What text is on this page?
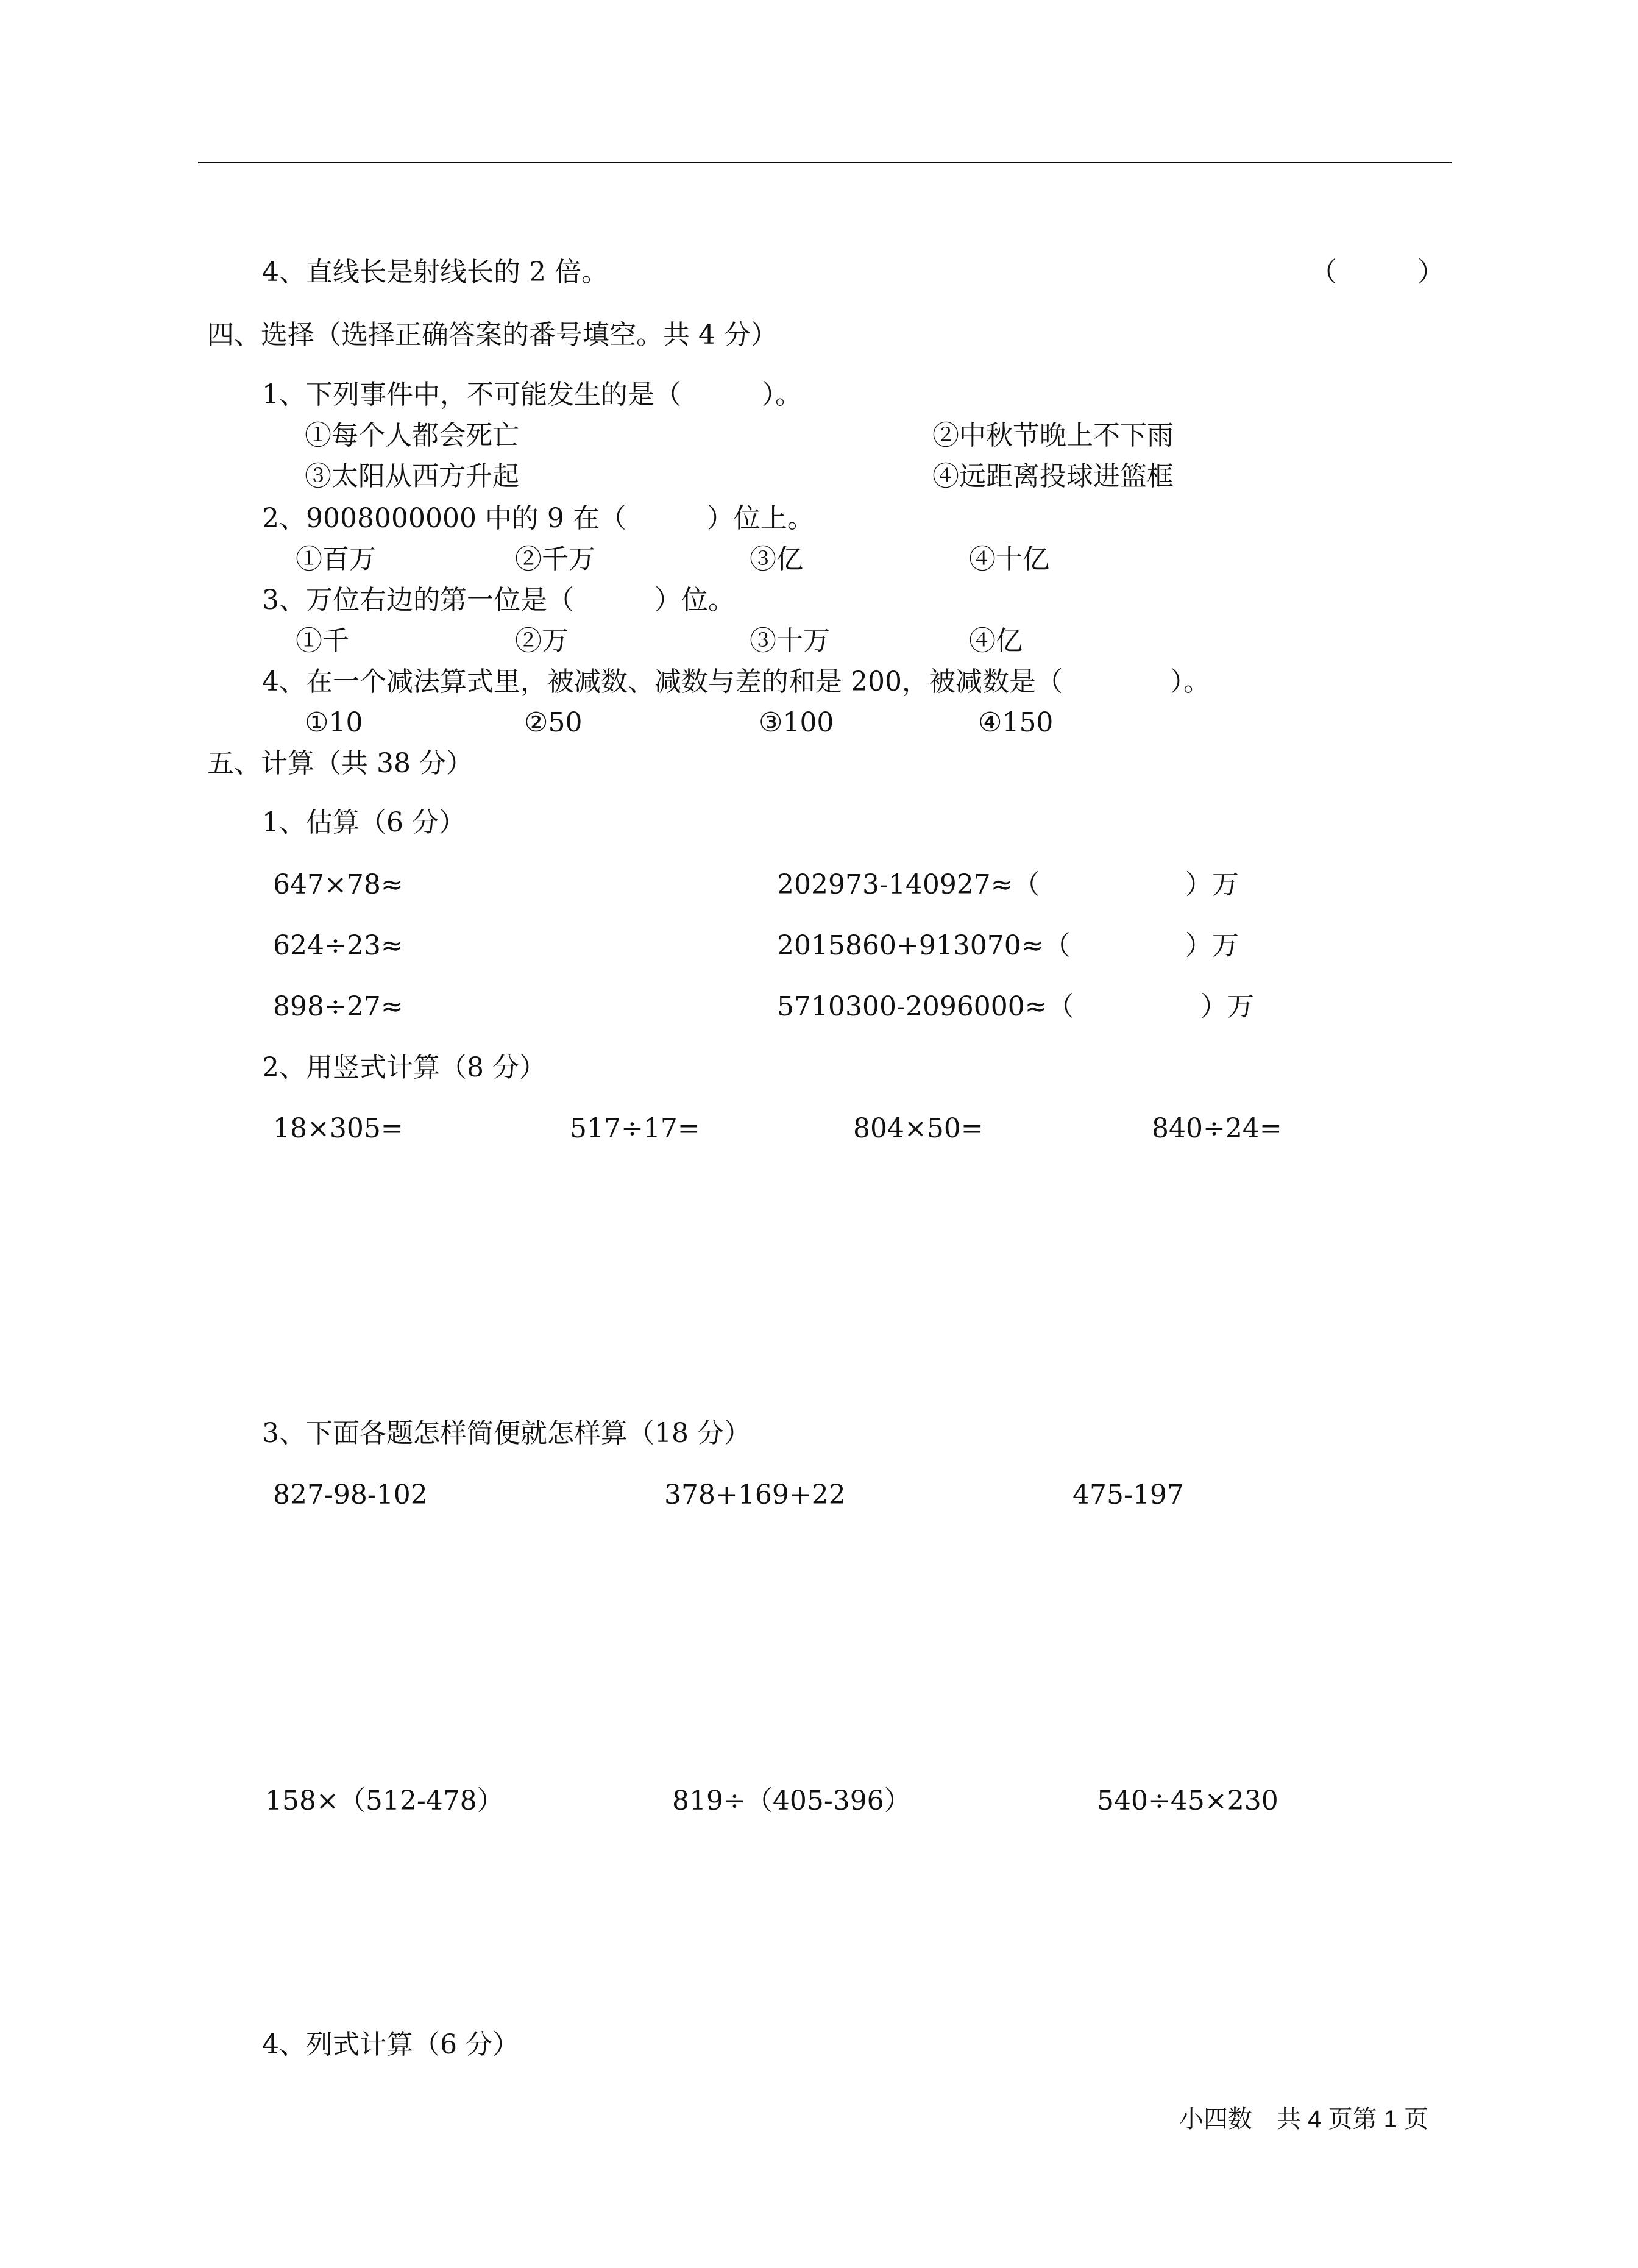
4、直线长是射线长的 2 倍。	（　　　）
四、选择（选择正确答案的番号填空。共 4 分）
1、下列事件中，不可能发生的是（　　　）。
①每个人都会死亡	②中秋节晚上不下雨
③太阳从西方升起	④远距离投球进篮框
2、9008000000 中的 9 在（　　　）位上。
①百万	②千万	③亿	④十亿
3、万位右边的第一位是（　　　）位。
①千	②万	③十万	④亿
4、在一个减法算式里，被减数、减数与差的和是 200，被减数是（　　　　）。
①10	②50	③100	④150
五、计算（共 38 分）
1、估算（6 分）
647×78≈	202973-140927≈（	）万
624÷23≈	2015860+913070≈（	）万
898÷27≈	5710300-2096000≈（	）万
2、用竖式计算（8 分）
18×305=	517÷17=	804×50=	840÷24=
3、下面各题怎样简便就怎样算（18 分）
827-98-102	378+169+22	475-197
158×（512-478）	819÷（405-396）	540÷45×230
4、列式计算（6 分）
小四数　共 4 页第 1 页
